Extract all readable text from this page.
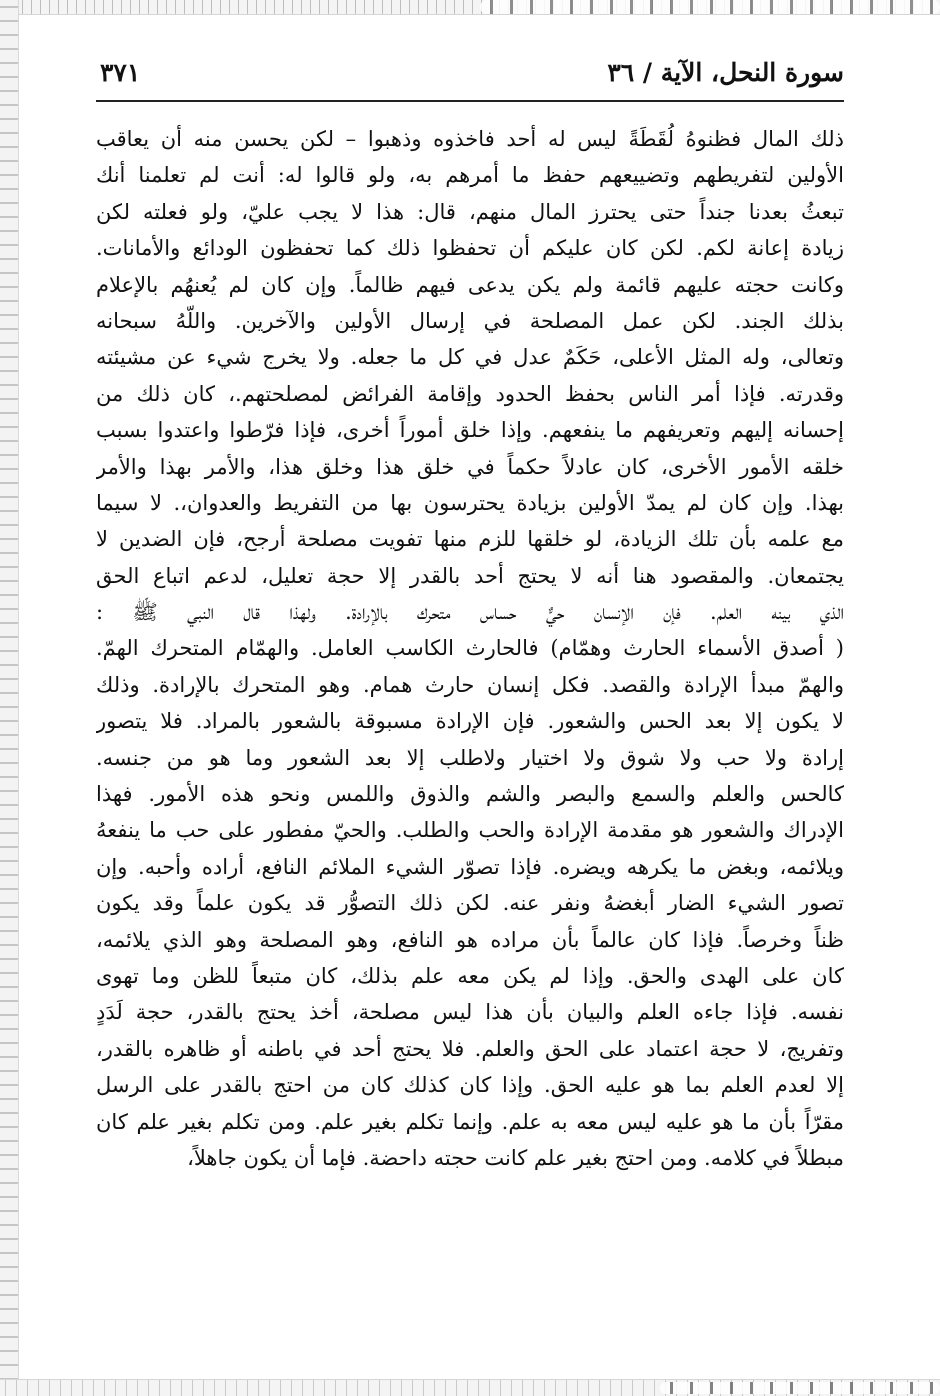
سورة النحل، الآية / ٣٦
٣٧١
ذلك المال فظنوهُ لُقَطَةً ليس له أحد فاخذوه وذهبوا – لكن يحسن منه أن يعاقب
الأولين لتفريطهم وتضييعهم حفظ ما أمرهم به، ولو قالوا له: أنت لم تعلمنا أنك
تبعثُ بعدنا جنداً حتى يحترز المال منهم، قال: هذا لا يجب عليّ، ولو فعلته لكن
زيادة إعانة لكم. لكن كان عليكم أن تحفظوا ذلك كما تحفظون الودائع والأمانات.
وكانت حجته عليهم قائمة ولم يكن يدعى فيهم ظالماً. وإن كان لم يُعنهُم بالإعلام
بذلك الجند. لكن عمل المصلحة في إرسال الأولين والآخرين. واللّهُ سبحانه
وتعالى، وله المثل الأعلى، حَكَمٌ عدل في كل ما جعله. ولا يخرج شيء عن مشيئته
وقدرته. فإذا أمر الناس بحفظ الحدود وإقامة الفرائض لمصلحتهم.، كان ذلك من
إحسانه إليهم وتعريفهم ما ينفعهم. وإذا خلق أموراً أخرى، فإذا فرّطوا واعتدوا بسبب
خلقه الأمور الأخرى، كان عادلاً حكماً في خلق هذا وخلق هذا، والأمر بهذا والأمر
بهذا. وإن كان لم يمدّ الأولين بزيادة يحترسون بها من التفريط والعدوان،. لا سيما
مع علمه بأن تلك الزيادة، لو خلقها للزم منها تفويت مصلحة أرجح، فإن الضدين لا
يجتمعان. والمقصود هنا أنه لا يحتج أحد بالقدر إلا حجة تعليل، لدعم اتباع الحق
الذي بينه العلم. فإن الإنسان حيٌّ حساس متحرك بالإرادة. ولهذا قال النبي ﷺ :
( أصدق الأسماء الحارث وهمّام) فالحارث الكاسب العامل. والهمّام المتحرك الهمّ.
والهمّ مبدأ الإرادة والقصد. فكل إنسان حارث همام. وهو المتحرك بالإرادة. وذلك
لا يكون إلا بعد الحس والشعور. فإن الإرادة مسبوقة بالشعور بالمراد. فلا يتصور
إرادة ولا حب ولا شوق ولا اختيار ولاطلب إلا بعد الشعور وما هو من جنسه.
كالحس والعلم والسمع والبصر والشم والذوق واللمس ونحو هذه الأمور. فهذا
الإدراك والشعور هو مقدمة الإرادة والحب والطلب. والحيّ مفطور على حب ما ينفعهُ
ويلائمه، وبغض ما يكرهه ويضره. فإذا تصوّر الشيء الملائم النافع، أراده وأحبه. وإن
تصور الشيء الضار أبغضهُ ونفر عنه. لكن ذلك التصوُّر قد يكون علماً وقد يكون
ظناً وخرصاً. فإذا كان عالماً بأن مراده هو النافع، وهو المصلحة وهو الذي يلائمه،
كان على الهدى والحق. وإذا لم يكن معه علم بذلك، كان متبعاً للظن وما تهوى
نفسه. فإذا جاءه العلم والبيان بأن هذا ليس مصلحة، أخذ يحتج بالقدر، حجة لَدَدٍ
وتفريج، لا حجة اعتماد على الحق والعلم. فلا يحتج أحد في باطنه أو ظاهره بالقدر،
إلا لعدم العلم بما هو عليه الحق. وإذا كان كذلك كان من احتج بالقدر على الرسل
مقرّاً بأن ما هو عليه ليس معه به علم. وإنما تكلم بغير علم. ومن تكلم بغير علم كان
مبطلاً في كلامه. ومن احتج بغير علم كانت حجته داحضة. فإما أن يكون جاهلاً،
